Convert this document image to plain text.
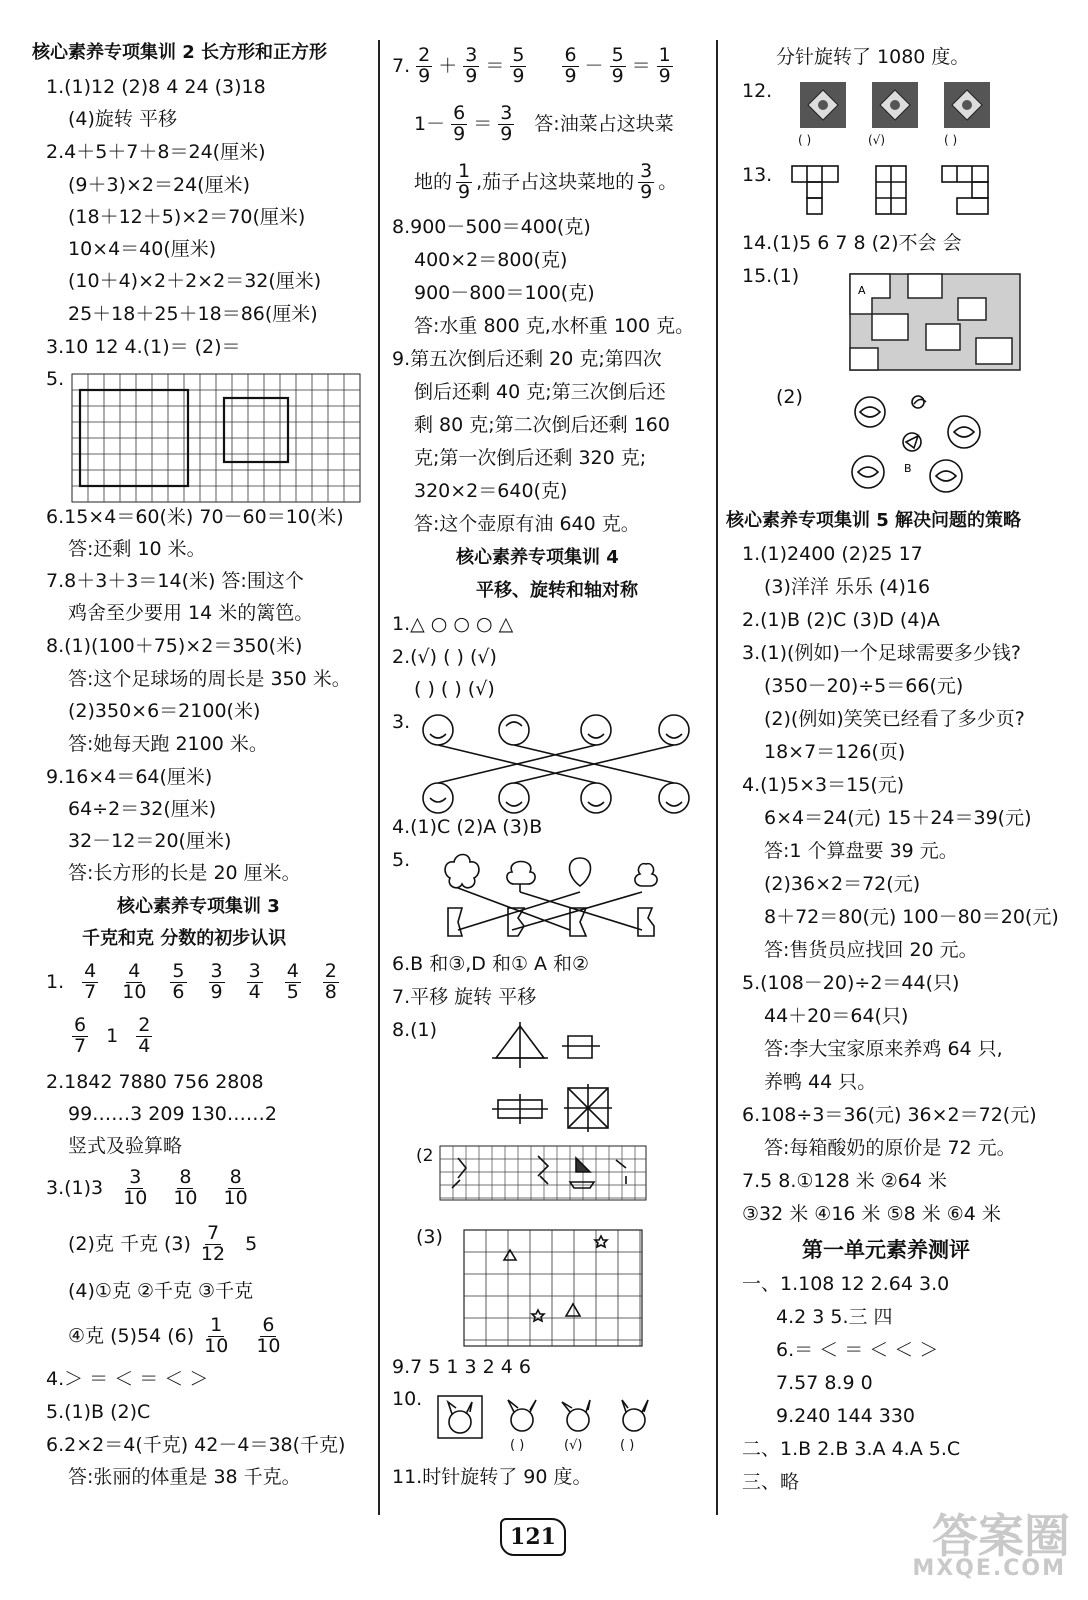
核心素养专项集训 2 长方形和正方形
1.(1)12 (2)8 4 24 (3)18
(4)旋转 平移
2.4＋5＋7＋8＝24(厘米)
(9＋3)×2＝24(厘米)
(18＋12＋5)×2＝70(厘米)
10×4＝40(厘米)
(10＋4)×2＋2×2＝32(厘米)
25＋18＋25＋18＝86(厘米)
3.10 12 4.(1)＝ (2)＝
5.
6.15×4＝60(米) 70－60＝10(米)
答:还剩 10 米。
7.8＋3＋3＝14(米) 答:围这个
鸡舍至少要用 14 米的篱笆。
8.(1)(100＋75)×2＝350(米)
答:这个足球场的周长是 350 米。
(2)350×6＝2100(米)
答:她每天跑 2100 米。
9.16×4＝64(厘米)
64÷2＝32(厘米)
32－12＝20(厘米)
答:长方形的长是 20 厘米。
核心素养专项集训 3
千克和克 分数的初步认识
1. $\frac{4}{7} \frac{4}{10} \frac{5}{6} \frac{3}{9} \frac{3}{4} \frac{4}{5} \frac{2}{8}$
$\frac{6}{7} 1 \frac{2}{4}$
2.1842 7880 756 2808
99……3 209 130……2
竖式及验算略
$3.(1)3 \frac{3}{10} \frac{8}{10} \frac{8}{10}$
(2)克 千克 $(3) \frac{7}{12} 5$
(4)①克 ②千克 ③千克
④克 (5)54 $(6) \frac{1}{10} \frac{6}{10}$
4.＞ ＝ ＜ ＝ ＜ ＞
5.(1)B (2)C
6.2×2＝4(千克) 42－4＝38(千克)
答:张丽的体重是 38 千克。
7. $\frac{2}{9} + \frac{3}{9} = \frac{5}{9} \frac{6}{9} - \frac{5}{9} = \frac{1}{9}$
$1- \frac{6}{9} = \frac{3}{9}$ 答:油菜占这块菜
地的 $\frac{1}{9}$ ,茄子占这块菜地的 $\frac{3}{9}$ 。
8.900－500＝400(克)
400×2＝800(克)
900－800＝100(克)
答:水重 800 克,水杯重 100 克。
9.第五次倒后还剩 20 克;第四次
倒后还剩 40 克;第三次倒后还
剩 80 克;第二次倒后还剩 160
克;第一次倒后还剩 320 克;
320×2＝640(克)
答:这个壶原有油 640 克。
核心素养专项集训 4
平移、旋转和轴对称
1.△ ○ ○ ○ △
2.(√) ( ) (√)
( ) ( ) (√)
3.
4.(1)C (2)A (3)B
5.
6.B 和③,D 和① A 和②
7.平移 旋转 平移
8.(1)
(2
(3)
9.7 5 1 3 2 4 6
10.
( )	(√)	( )
11.时针旋转了 90 度。
分针旋转了 1080 度。
12.
( )	(√)	( )
13.
14.(1)5 6 7 8 (2)不会 会
15.(1)
A
(2)
B
核心素养专项集训 5 解决问题的策略
1.(1)2400 (2)25 17
(3)洋洋 乐乐 (4)16
2.(1)B (2)C (3)D (4)A
3.(1)(例如)一个足球需要多少钱?
(350－20)÷5＝66(元)
(2)(例如)笑笑已经看了多少页?
18×7＝126(页)
4.(1)5×3＝15(元)
6×4＝24(元) 15＋24＝39(元)
答:1 个算盘要 39 元。
(2)36×2＝72(元)
8＋72＝80(元) 100－80＝20(元)
答:售货员应找回 20 元。
5.(108－20)÷2＝44(只)
44＋20＝64(只)
答:李大宝家原来养鸡 64 只,
养鸭 44 只。
6.108÷3＝36(元) 36×2＝72(元)
答:每箱酸奶的原价是 72 元。
7.5 8.①128 米 ②64 米
③32 米 ④16 米 ⑤8 米 ⑥4 米
第一单元素养测评
一、1.108 12 2.64 3.0
4.2 3 5.三 四
6.＝ ＜ ＝ ＜ ＜ ＞
7.57 8.9 0
9.240 144 330
二、1.B 2.B 3.A 4.A 5.C
三、略
121	答案圈
MXQE.COM
